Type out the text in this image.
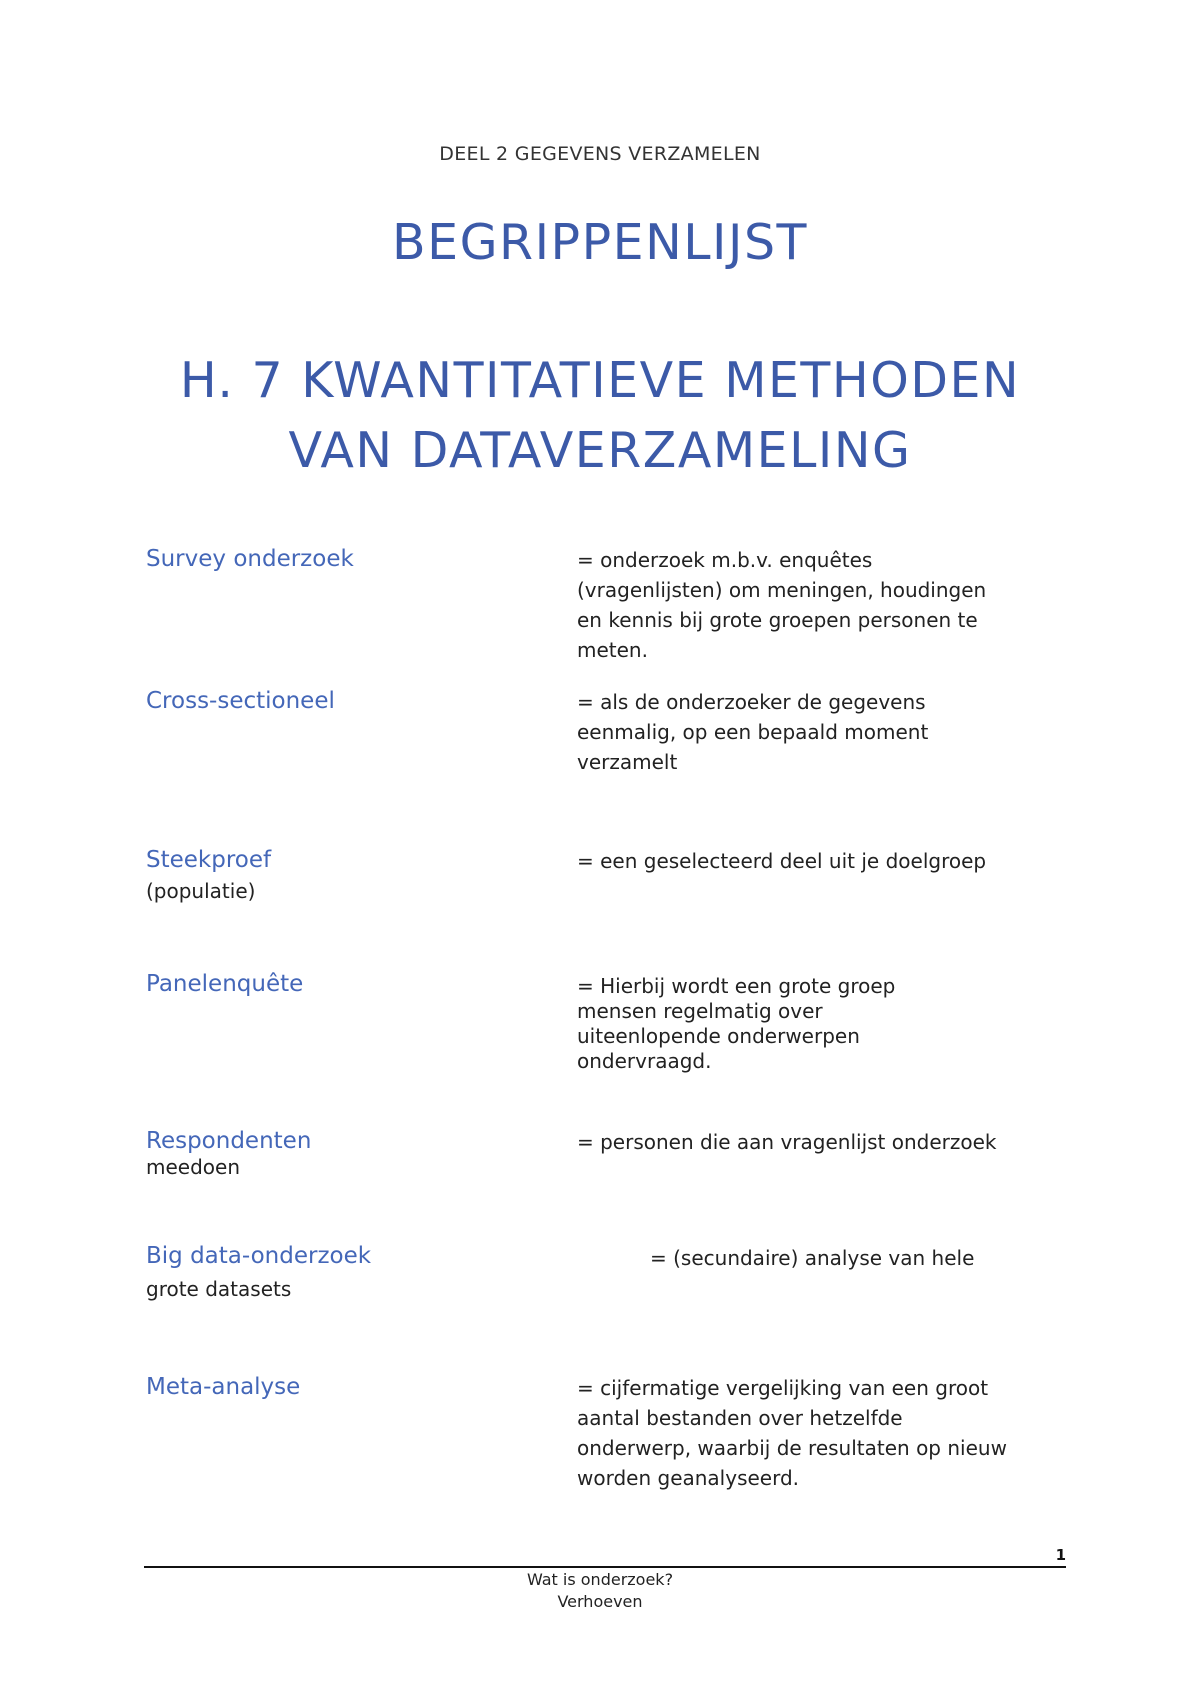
DEEL 2 GEGEVENS VERZAMELEN
BEGRIPPENLIJST
H. 7 KWANTITATIEVE METHODEN VAN DATAVERZAMELING
Survey onderzoek	= onderzoek m.b.v. enquêtes
(vragenlijsten) om meningen, houdingen
en kennis bij grote groepen personen te
meten.
Cross-sectioneel	= als de onderzoeker de gegevens
eenmalig, op een bepaald moment
verzamelt
Steekproef
(populatie)
= een geselecteerd deel uit je doelgroep
Panelenquête	= Hierbij wordt een grote groep
mensen regelmatig over
uiteenlopende onderwerpen
ondervraagd.
Respondenten
meedoen
= personen die aan vragenlijst onderzoek
Big data-onderzoek
grote datasets
= (secundaire) analyse van hele
Meta-analyse	= cijfermatige vergelijking van een groot
aantal bestanden over hetzelfde
onderwerp, waarbij de resultaten op nieuw
worden geanalyseerd.
1
Wat is onderzoek?
Verhoeven
